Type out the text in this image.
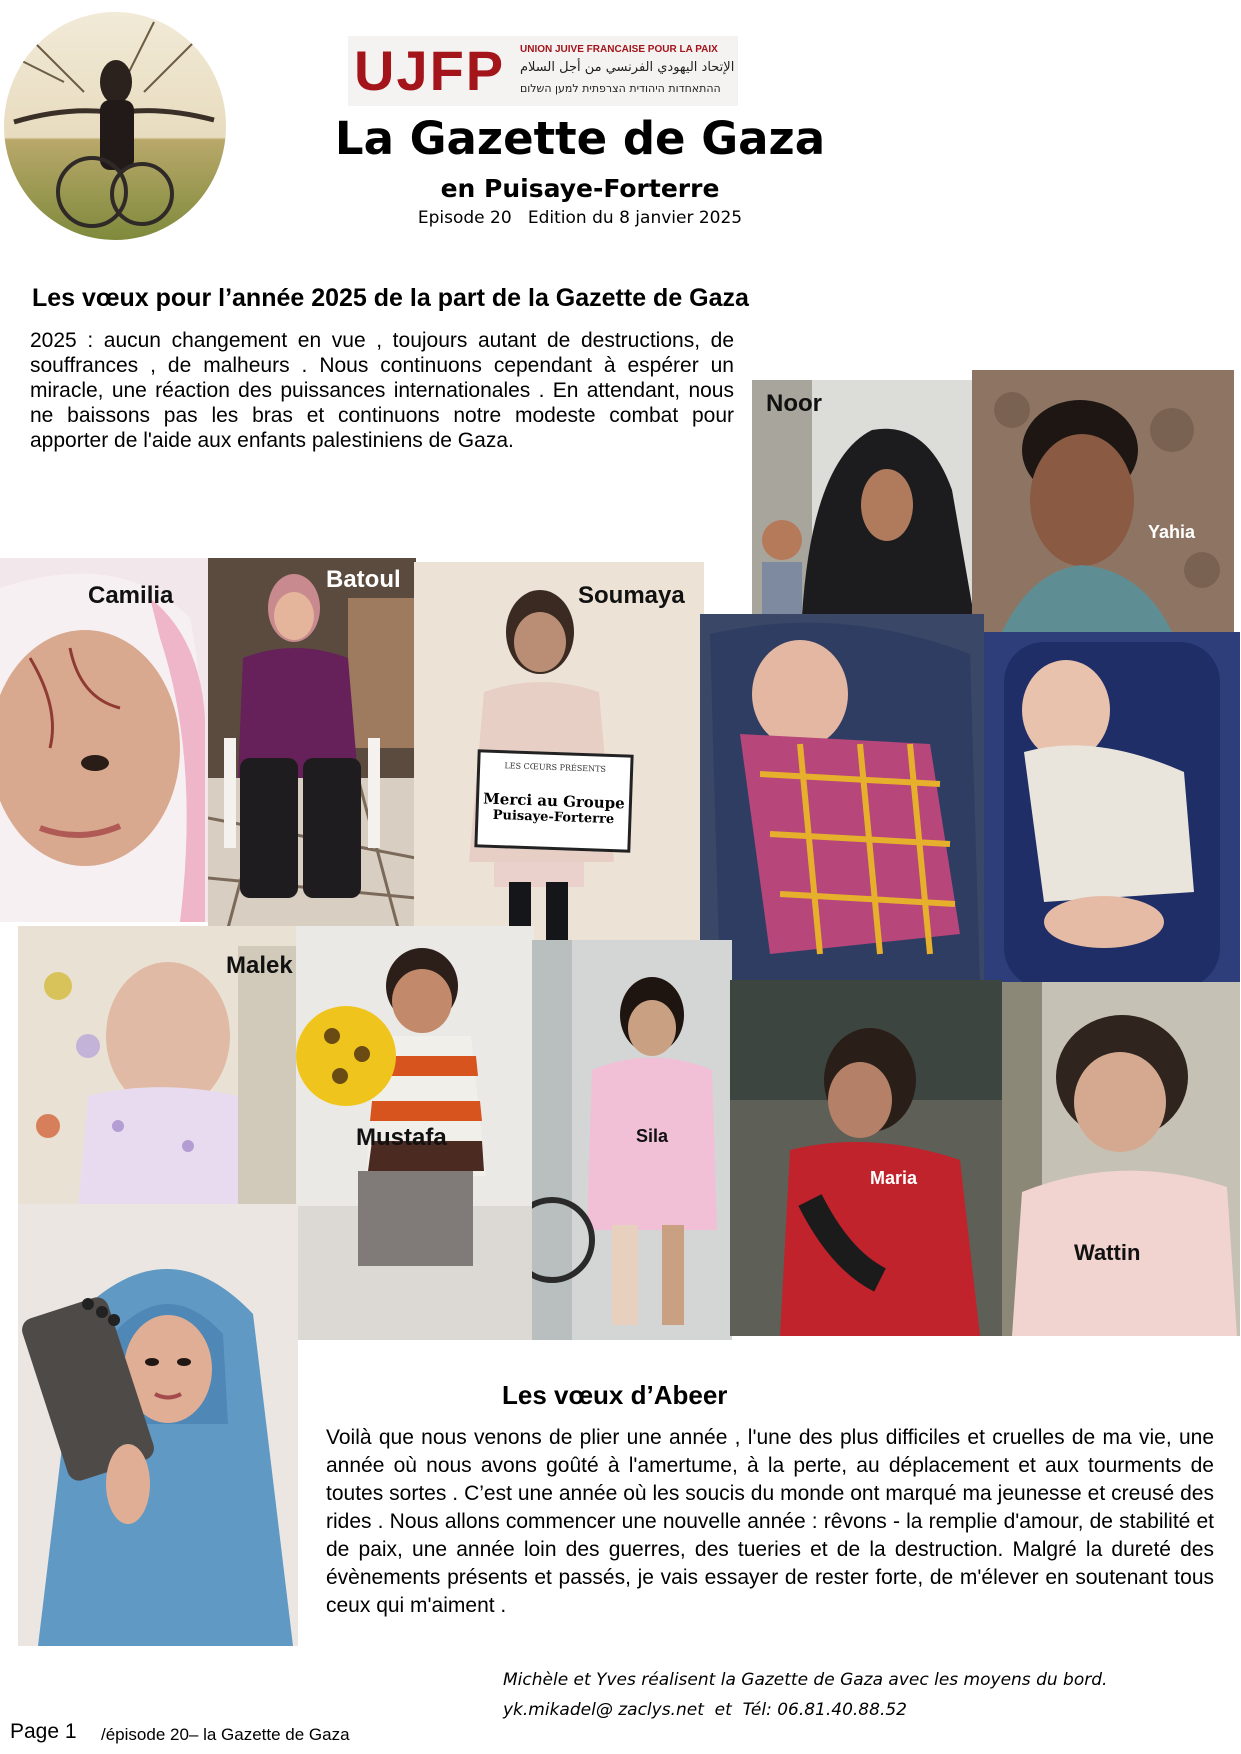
UJFP UNION JUIVE FRANCAISE POUR LA PAIX
الإتحاد اليهودي الفرنسي من أجل السلام
ההתאחדות היהודית הצרפתית למען השלום
La Gazette de Gaza
en Puisaye-Forterre
Episode 20   Edition du 8 janvier 2025
Les vœux pour l’année 2025 de la part de la Gazette de Gaza
2025 : aucun changement en vue , toujours autant de destructions, de souffrances , de malheurs . Nous continuons cependant à espérer un miracle, une réaction des puissances internationales . En attendant, nous ne baissons pas les bras et continuons notre modeste combat pour apporter de l'aide aux enfants palestiniens de Gaza.
Noor
Yahia
Camilia
Batoul
Soumaya
LES CŒURS PRÉSENTS
Merci au Groupe
Puisaye-Forterre
Malek
Mustafa	Sila
Maria
Wattin
Les vœux d’Abeer
Voilà que nous venons de plier une année , l'une des plus difficiles et cruelles de ma vie, une année où nous avons goûté à l'amertume, à la perte, au déplacement et aux tourments de toutes sortes . C’est une année où les soucis du monde ont marqué ma jeunesse et creusé des rides . Nous allons commencer une nouvelle année : rêvons - la remplie d'amour, de stabilité et de paix, une année loin des guerres, des tueries et de la destruction. Malgré la dureté des évènements présents et passés, je vais essayer de rester forte, de m'élever en soutenant tous ceux qui m'aiment .
Michèle et Yves réalisent la Gazette de Gaza avec les moyens du bord.
yk.mikadel@ zaclys.net  et  Tél: 06.81.40.88.52
Page 1 /épisode 20– la Gazette de Gaza
